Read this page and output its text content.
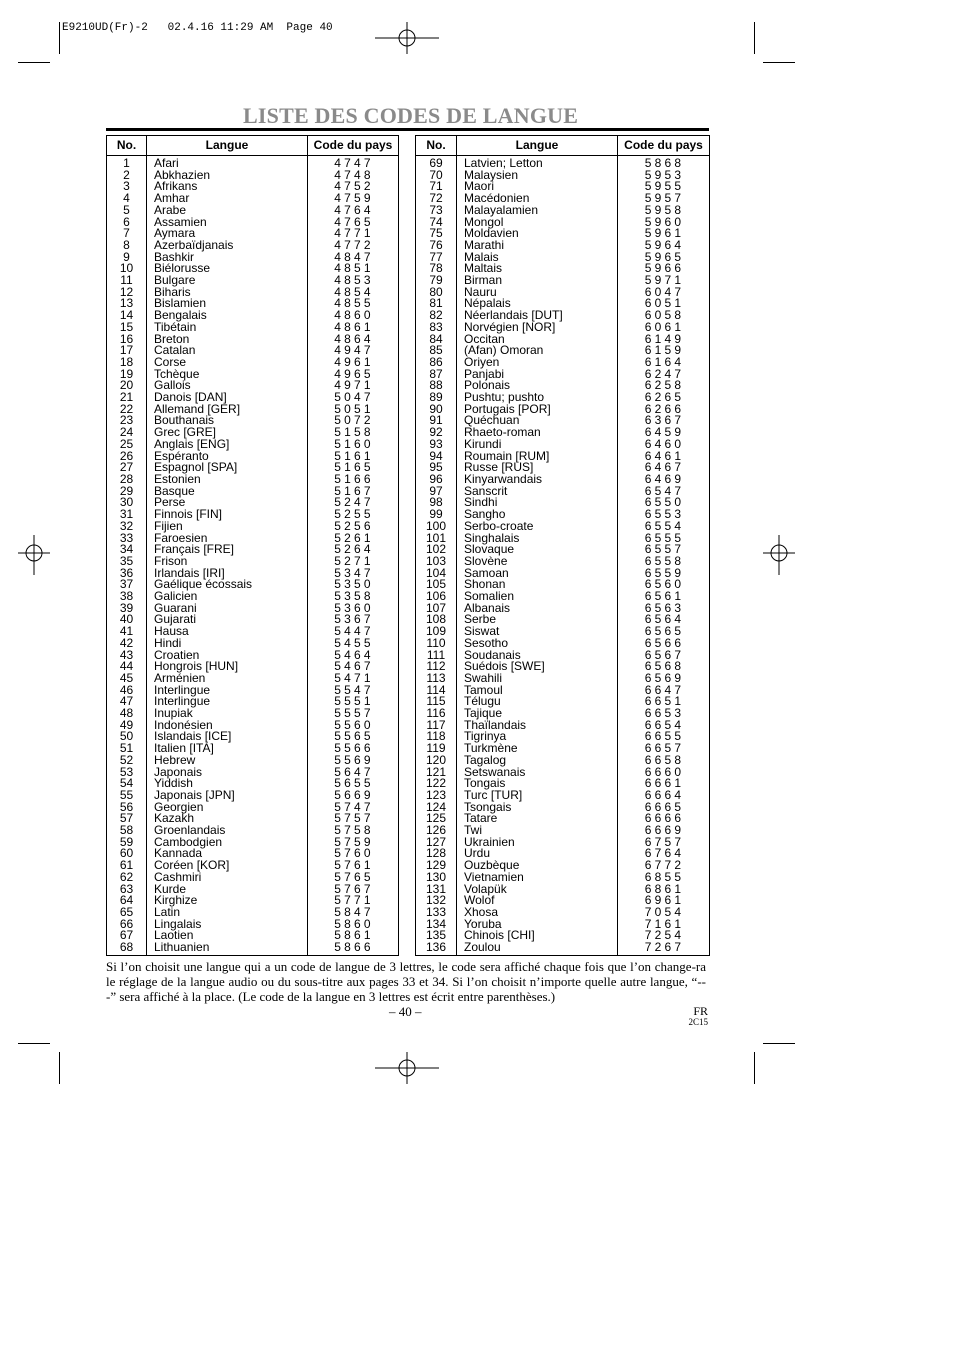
E9210UD(Fr)-2   02.4.16 11:29 AM  Page 40
LISTE DES CODES DE LANGUE
No.	Langue	Code du pays
1	Afari	4747
2	Abkhazien	4748
3	Afrikans	4752
4	Amhar	4759
5	Arabe	4764
6	Assamien	4765
7	Aymara	4771
8	Azerbaïdjanais	4772
9	Bashkir	4847
10	Biélorusse	4851
11	Bulgare	4853
12	Biharis	4854
13	Bislamien	4855
14	Bengalais	4860
15	Tibétain	4861
16	Breton	4864
17	Catalan	4947
18	Corse	4961
19	Tchèque	4965
20	Gallois	4971
21	Danois [DAN]	5047
22	Allemand [GER]	5051
23	Bouthanais	5072
24	Grec [GRE]	5158
25	Anglais [ENG]	5160
26	Espéranto	5161
27	Espagnol [SPA]	5165
28	Estonien	5166
29	Basque	5167
30	Perse	5247
31	Finnois [FIN]	5255
32	Fijien	5256
33	Faroesien	5261
34	Français [FRE]	5264
35	Frison	5271
36	Irlandais [IRI]	5347
37	Gaélique écossais	5350
38	Galicien	5358
39	Guarani	5360
40	Gujarati	5367
41	Hausa	5447
42	Hindi	5455
43	Croatien	5464
44	Hongrois [HUN]	5467
45	Arménien	5471
46	Interlingue	5547
47	Interlingue	5551
48	Inupiak	5557
49	Indonésien	5560
50	Islandais [ICE]	5565
51	Italien [ITA]	5566
52	Hebrew	5569
53	Japonais	5647
54	Yiddish	5655
55	Japonais [JPN]	5669
56	Georgien	5747
57	Kazakh	5757
58	Groenlandais	5758
59	Cambodgien	5759
60	Kannada	5760
61	Coréen [KOR]	5761
62	Cashmiri	5765
63	Kurde	5767
64	Kirghize	5771
65	Latin	5847
66	Lingalais	5860
67	Laotien	5861
68	Lithuanien	5866
No.	Langue	Code du pays
69	Latvien; Letton	5868
70	Malaysien	5953
71	Maori	5955
72	Macédonien	5957
73	Malayalamien	5958
74	Mongol	5960
75	Moldavien	5961
76	Marathi	5964
77	Malais	5965
78	Maltais	5966
79	Birman	5971
80	Nauru	6047
81	Népalais	6051
82	Néerlandais [DUT]	6058
83	Norvégien [NOR]	6061
84	Occitan	6149
85	(Afan) Omoran	6159
86	Oriyen	6164
87	Panjabi	6247
88	Polonais	6258
89	Pushtu; pushto	6265
90	Portugais [POR]	6266
91	Quéchuan	6367
92	Rhaeto-roman	6459
93	Kirundi	6460
94	Roumain [RUM]	6461
95	Russe [RUS]	6467
96	Kinyarwandais	6469
97	Sanscrit	6547
98	Sindhi	6550
99	Sangho	6553
100	Serbo-croate	6554
101	Singhalais	6555
102	Slovaque	6557
103	Slovène	6558
104	Samoan	6559
105	Shonan	6560
106	Somalien	6561
107	Albanais	6563
108	Serbe	6564
109	Siswat	6565
110	Sesotho	6566
111	Soudanais	6567
112	Suédois [SWE]	6568
113	Swahili	6569
114	Tamoul	6647
115	Télugu	6651
116	Tajique	6653
117	Thaïlandais	6654
118	Tigrinya	6655
119	Turkmène	6657
120	Tagalog	6658
121	Setswanais	6660
122	Tongais	6661
123	Turc [TUR]	6664
124	Tsongais	6665
125	Tatare	6666
126	Twi	6669
127	Ukrainien	6757
128	Urdu	6764
129	Ouzbèque	6772
130	Vietnamien	6855
131	Volapük	6861
132	Wolof	6961
133	Xhosa	7054
134	Yoruba	7161
135	Chinois [CHI]	7254
136	Zoulou	7267

Si l’on choisit une langue qui a un code de langue de 3 lettres, le code sera affiché chaque fois que l’on change-ra le réglage de la langue audio ou du sous-titre aux pages 33 et 34. Si l’on choisit n’importe quelle autre langue, “---” sera affiché à la place. (Le code de la langue en 3 lettres est écrit entre parenthèses.)

– 40 –	FR
2C15
